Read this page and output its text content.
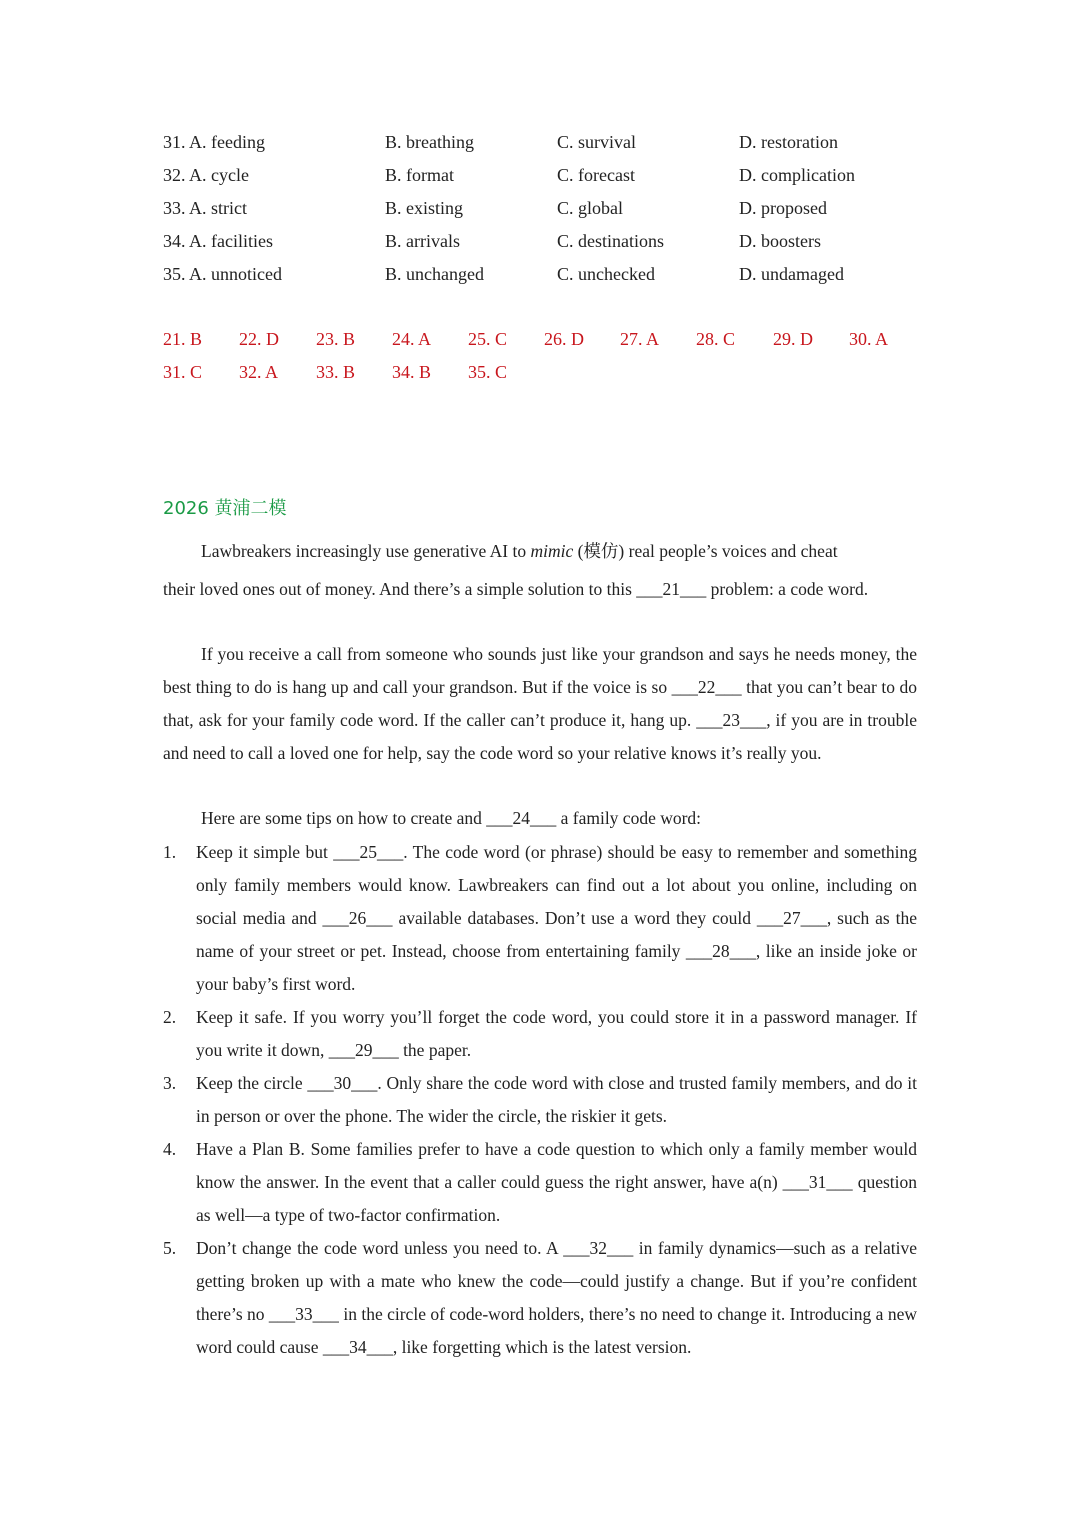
31. A. feeding	B. breathing	C. survival	D. restoration
32. A. cycle	B. format	C. forecast	D. complication
33. A. strict	B. existing	C. global	D. proposed
34. A. facilities	B. arrivals	C. destinations	D. boosters
35. A. unnoticed	B. unchanged	C. unchecked	D. undamaged
21. B 22. D 23. B 24. A 25. C 26. D 27. A 28. C 29. D 30. A
31. C 32. A 33. B 34. B 35. C
2026 黄浦二模
Lawbreakers increasingly use generative AI to mimic (模仿) real people’s voices and cheat
their loved ones out of money. And there’s a simple solution to this ___21___ problem: a code word.
If you receive a call from someone who sounds just like your grandson and says he needs money, the best thing to do is hang up and call your grandson. But if the voice is so ___22___ that you can’t bear to do that, ask for your family code word. If the caller can’t produce it, hang up. ___23___, if you are in trouble and need to call a loved one for help, say the code word so your relative knows it’s really you.
Here are some tips on how to create and ___24___ a family code word:
1. Keep it simple but ___25___. The code word (or phrase) should be easy to remember and something only family members would know. Lawbreakers can find out a lot about you online, including on social media and ___26___ available databases. Don’t use a word they could ___27___, such as the name of your street or pet. Instead, choose from entertaining family ___28___, like an inside joke or your baby’s first word.
2. Keep it safe. If you worry you’ll forget the code word, you could store it in a password manager. If you write it down, ___29___ the paper.
3. Keep the circle ___30___. Only share the code word with close and trusted family members, and do it in person or over the phone. The wider the circle, the riskier it gets.
4. Have a Plan B. Some families prefer to have a code question to which only a family member would know the answer. In the event that a caller could guess the right answer, have a(n) ___31___ question as well—a type of two-factor confirmation.
5. Don’t change the code word unless you need to. A ___32___ in family dynamics—such as a relative getting broken up with a mate who knew the code—could justify a change. But if you’re confident there’s no ___33___ in the circle of code-word holders, there’s no need to change it. Introducing a new word could cause ___34___, like forgetting which is the latest version.
